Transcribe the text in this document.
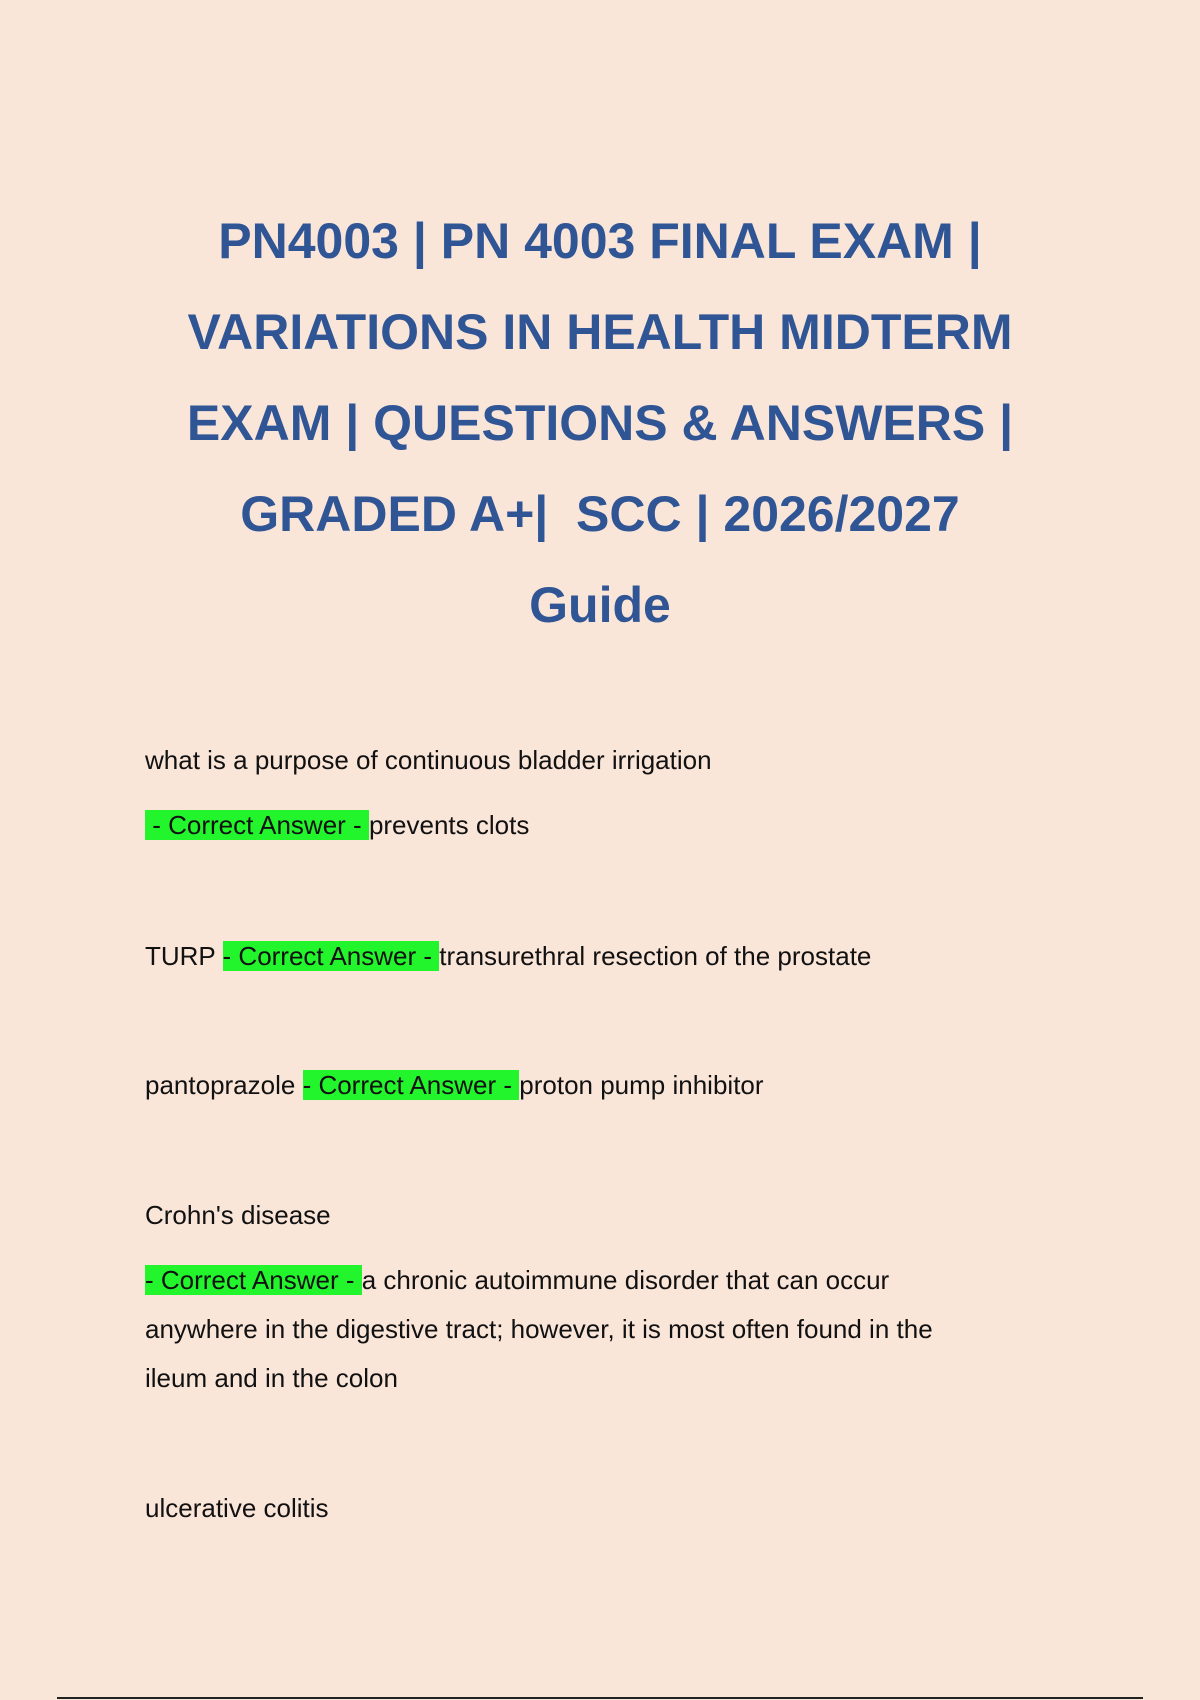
PN4003 | PN 4003 FINAL EXAM |
VARIATIONS IN HEALTH MIDTERM
EXAM | QUESTIONS & ANSWERS |
GRADED A+|  SCC | 2026/2027
Guide

what is a purpose of continuous bladder irrigation

- Correct Answer - prevents clots

TURP - Correct Answer - transurethral resection of the prostate

pantoprazole - Correct Answer - proton pump inhibitor

Crohn's disease

- Correct Answer - a chronic autoimmune disorder that can occur
anywhere in the digestive tract; however, it is most often found in the
ileum and in the colon

ulcerative colitis
